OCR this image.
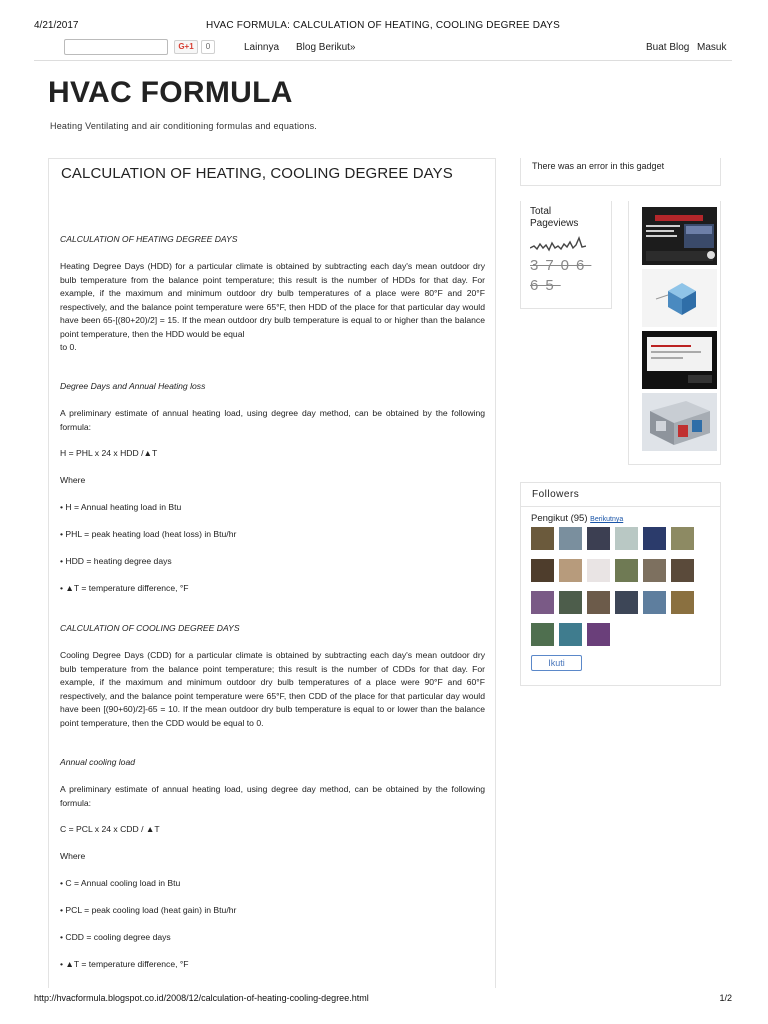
4/21/2017	HVAC FORMULA: CALCULATION OF HEATING, COOLING DEGREE DAYS
G+1	0	Lainnya Blog Berikut»	Buat Blog Masuk
HVAC FORMULA
Heating Ventilating and air conditioning formulas and equations.
CALCULATION OF HEATING, COOLING DEGREE DAYS
CALCULATION OF HEATING DEGREE DAYS
Heating Degree Days (HDD) for a particular climate is obtained by subtracting each day's mean outdoor dry bulb temperature from the balance point temperature; this result is the number of HDDs for that day. For example, if the maximum and minimum outdoor dry bulb temperatures of a place were 80°F and 20°F respectively, and the balance point temperature were 65°F, then HDD of the place for that particular day would have been 65-[(80+20)/2] = 15. If the mean outdoor dry bulb temperature is equal to or higher than the balance point temperature, then the HDD would be equal
to 0.
Degree Days and Annual Heating loss
A preliminary estimate of annual heating load, using degree day method, can be obtained by the following formula:
H = PHL x 24 x HDD /▲T
Where
• H = Annual heating load in Btu
• PHL = peak heating load (heat loss) in Btu/hr
• HDD = heating degree days
• ▲T = temperature difference, °F
CALCULATION OF COOLING DEGREE DAYS
Cooling Degree Days (CDD) for a particular climate is obtained by subtracting each day's mean outdoor dry bulb temperature from the balance point temperature; this result is the number of CDDs for that day. For example, if the maximum and minimum outdoor dry bulb temperatures of a place were 90°F and 60°F respectively, and the balance point temperature were 65°F, then CDD of the place for that particular day would have been [(90+60)/2]-65 = 10. If the mean outdoor dry bulb temperature is equal to or lower than the balance point temperature, then the CDD would be equal to 0.
Annual cooling load
A preliminary estimate of annual heating load, using degree day method, can be obtained by the following formula:
C = PCL x 24 x CDD / ▲T
Where
• C = Annual cooling load in Btu
• PCL = peak cooling load (heat gain) in Btu/hr
• CDD = cooling degree days
• ▲T = temperature difference, °F
There was an error in this gadget
Total
Pageviews
3706
65
Followers
Pengikut (95) Berikutnya
Ikuti
http://hvacformula.blogspot.co.id/2008/12/calculation-of-heating-cooling-degree.html	1/2
